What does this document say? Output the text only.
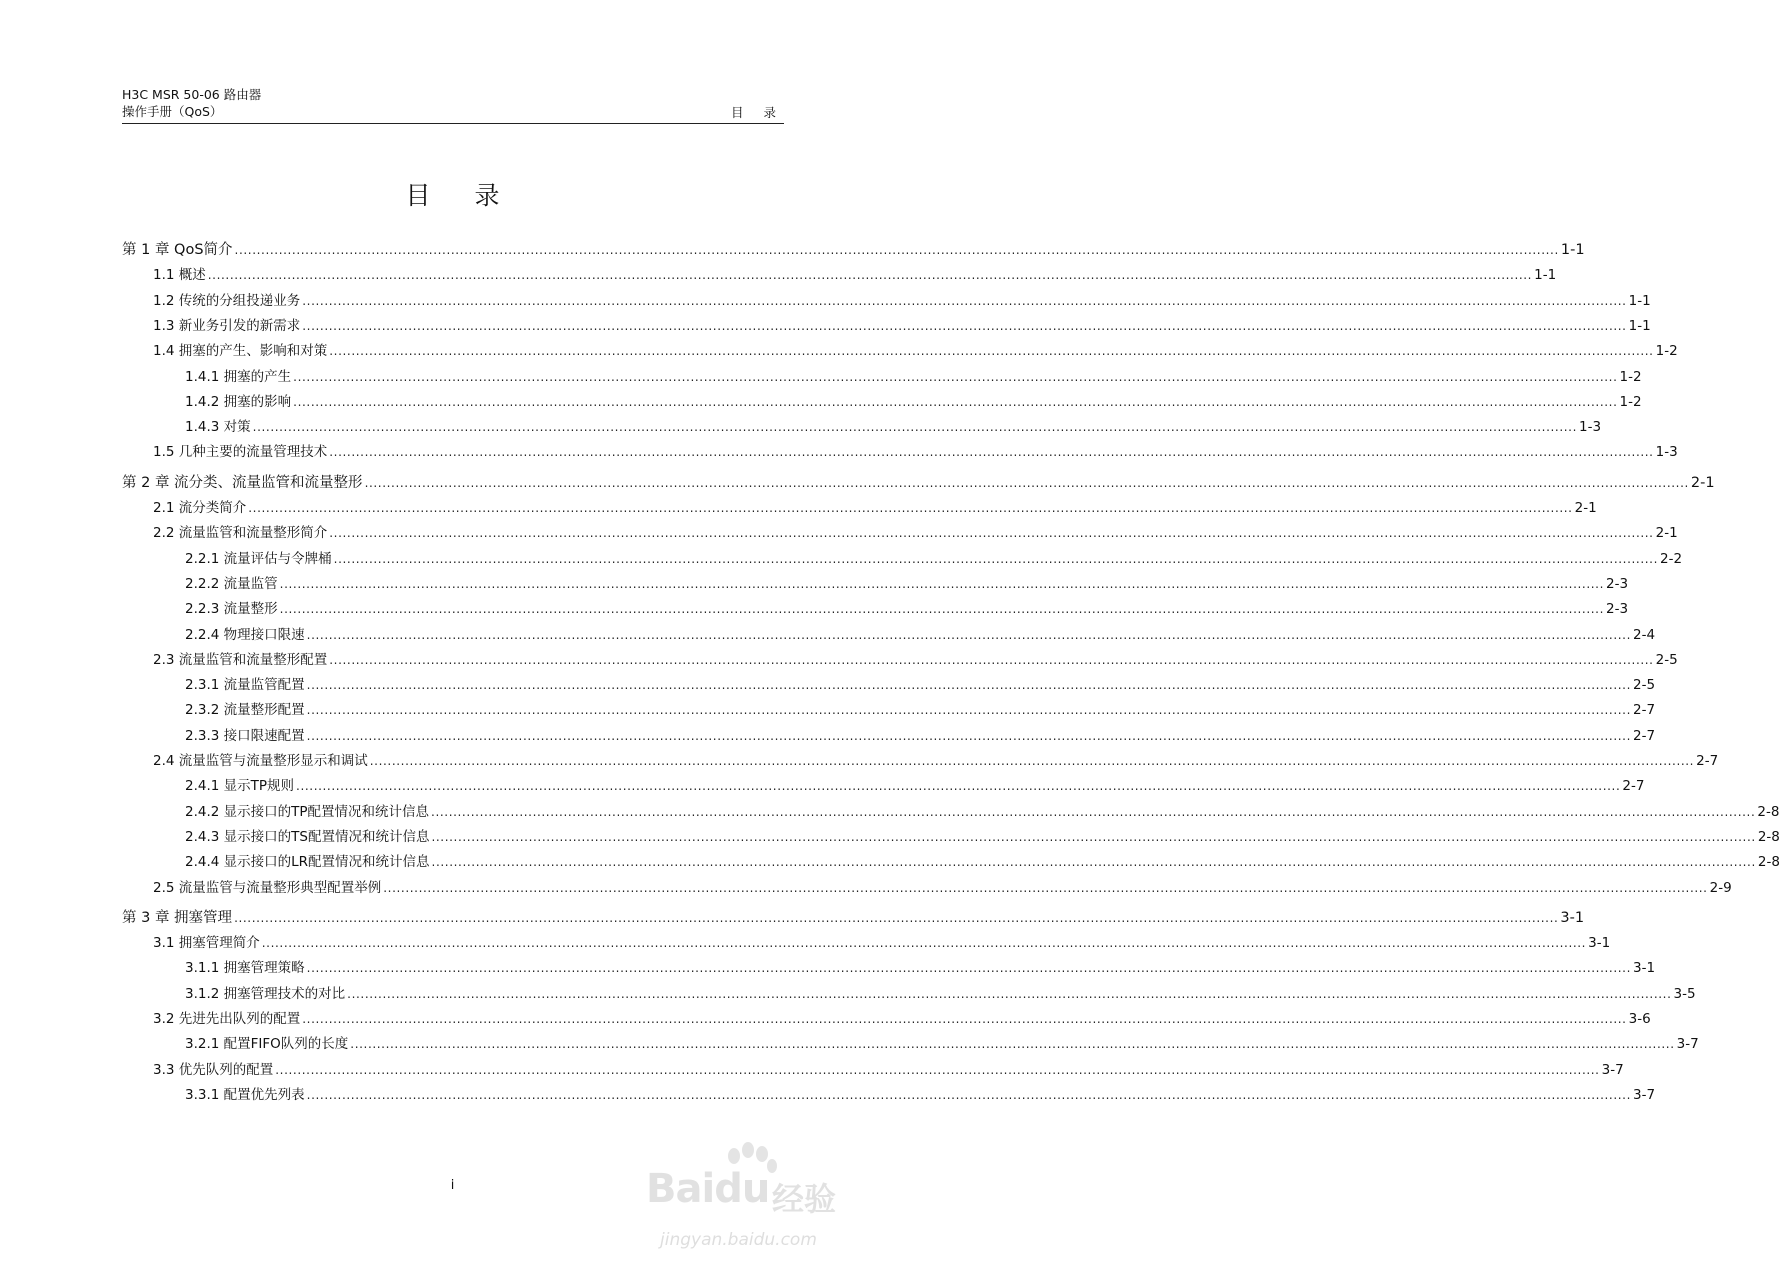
H3C MSR 50-06 路由器
操作手册（QoS）	目 录
目 录
第 1 章 QoS简介 ............................................................................................................................................................................................................................................................................................................ 1-1
1.1 概述 ............................................................................................................................................................................................................................................................................................................ 1-1
1.2 传统的分组投递业务 ............................................................................................................................................................................................................................................................................................................ 1-1
1.3 新业务引发的新需求 ............................................................................................................................................................................................................................................................................................................ 1-1
1.4 拥塞的产生、影响和对策 ............................................................................................................................................................................................................................................................................................................ 1-2
1.4.1 拥塞的产生 ............................................................................................................................................................................................................................................................................................................ 1-2
1.4.2 拥塞的影响 ............................................................................................................................................................................................................................................................................................................ 1-2
1.4.3 对策 ............................................................................................................................................................................................................................................................................................................ 1-3
1.5 几种主要的流量管理技术 ............................................................................................................................................................................................................................................................................................................ 1-3
第 2 章 流分类、流量监管和流量整形 ............................................................................................................................................................................................................................................................................................................ 2-1
2.1 流分类简介 ............................................................................................................................................................................................................................................................................................................ 2-1
2.2 流量监管和流量整形简介 ............................................................................................................................................................................................................................................................................................................ 2-1
2.2.1 流量评估与令牌桶 ............................................................................................................................................................................................................................................................................................................ 2-2
2.2.2 流量监管 ............................................................................................................................................................................................................................................................................................................ 2-3
2.2.3 流量整形 ............................................................................................................................................................................................................................................................................................................ 2-3
2.2.4 物理接口限速 ............................................................................................................................................................................................................................................................................................................ 2-4
2.3 流量监管和流量整形配置 ............................................................................................................................................................................................................................................................................................................ 2-5
2.3.1 流量监管配置 ............................................................................................................................................................................................................................................................................................................ 2-5
2.3.2 流量整形配置 ............................................................................................................................................................................................................................................................................................................ 2-7
2.3.3 接口限速配置 ............................................................................................................................................................................................................................................................................................................ 2-7
2.4 流量监管与流量整形显示和调试 ............................................................................................................................................................................................................................................................................................................ 2-7
2.4.1 显示TP规则 ............................................................................................................................................................................................................................................................................................................ 2-7
2.4.2 显示接口的TP配置情况和统计信息 ............................................................................................................................................................................................................................................................................................................ 2-8
2.4.3 显示接口的TS配置情况和统计信息 ............................................................................................................................................................................................................................................................................................................ 2-8
2.4.4 显示接口的LR配置情况和统计信息 ............................................................................................................................................................................................................................................................................................................ 2-8
2.5 流量监管与流量整形典型配置举例 ............................................................................................................................................................................................................................................................................................................ 2-9
第 3 章 拥塞管理 ............................................................................................................................................................................................................................................................................................................ 3-1
3.1 拥塞管理简介 ............................................................................................................................................................................................................................................................................................................ 3-1
3.1.1 拥塞管理策略 ............................................................................................................................................................................................................................................................................................................ 3-1
3.1.2 拥塞管理技术的对比 ............................................................................................................................................................................................................................................................................................................ 3-5
3.2 先进先出队列的配置 ............................................................................................................................................................................................................................................................................................................ 3-6
3.2.1 配置FIFO队列的长度 ............................................................................................................................................................................................................................................................................................................ 3-7
3.3 优先队列的配置 ............................................................................................................................................................................................................................................................................................................ 3-7
3.3.1 配置优先列表 ............................................................................................................................................................................................................................................................................................................ 3-7
i	Baidu 经验
jingyan.baidu.com
